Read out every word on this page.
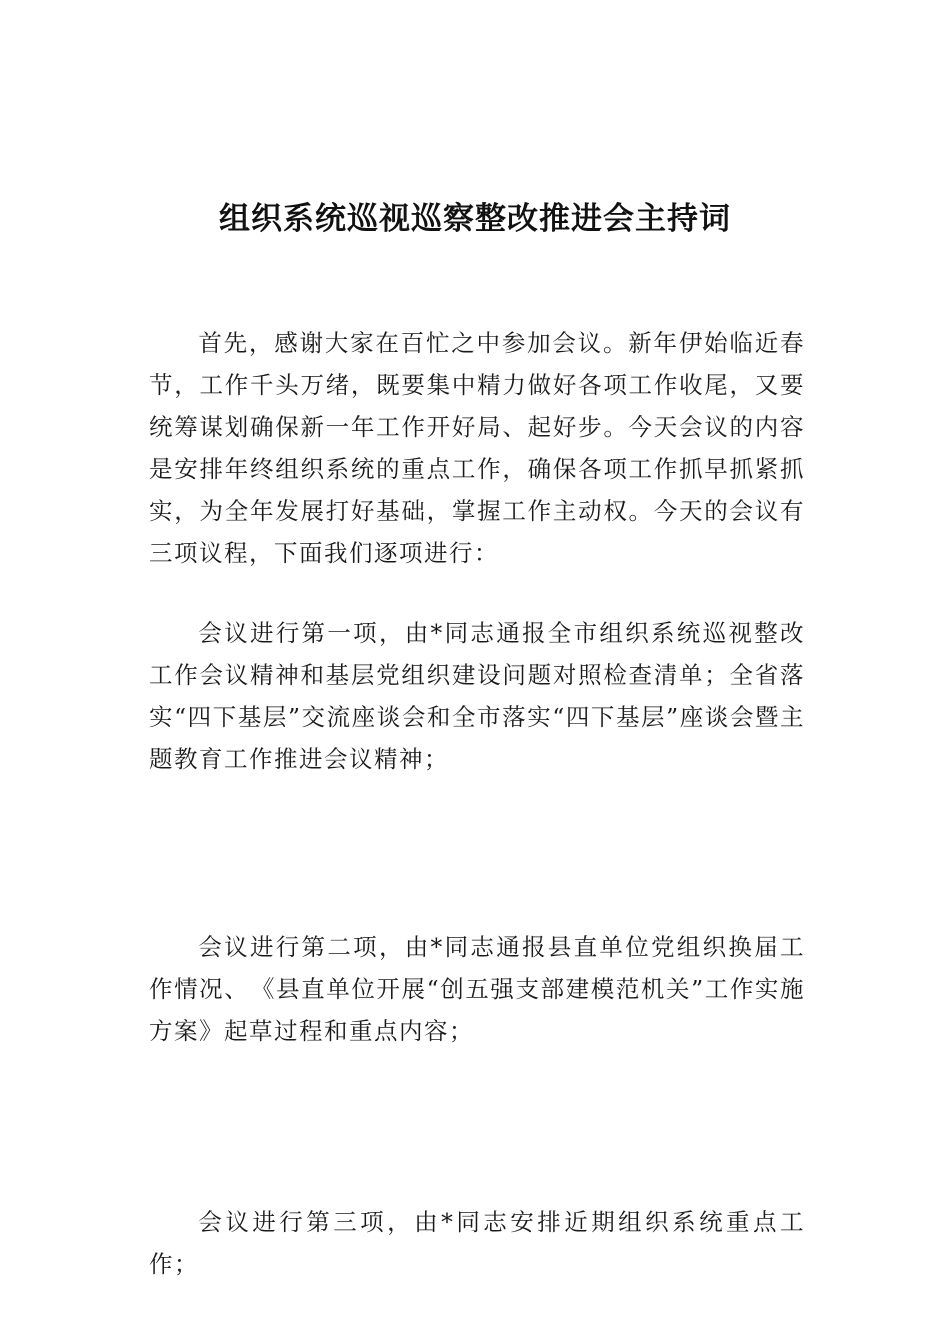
组织系统巡视巡察整改推进会主持词

首先，感谢大家在百忙之中参加会议。新年伊始临近春节，工作千头万绪，既要集中精力做好各项工作收尾，又要统筹谋划确保新一年工作开好局、起好步。今天会议的内容是安排年终组织系统的重点工作，确保各项工作抓早抓紧抓实，为全年发展打好基础，掌握工作主动权。今天的会议有三项议程，下面我们逐项进行：

会议进行第一项，由*同志通报全市组织系统巡视整改工作会议精神和基层党组织建设问题对照检查清单；全省落实“四下基层”交流座谈会和全市落实“四下基层”座谈会暨主题教育工作推进会议精神；

会议进行第二项，由*同志通报县直单位党组织换届工作情况、　《县直单位开展“创五强支部建模范机关”工作实施方案》起草过程和重点内容；

会议进行第三项，由*同志安排近期组织系统重点工作；
